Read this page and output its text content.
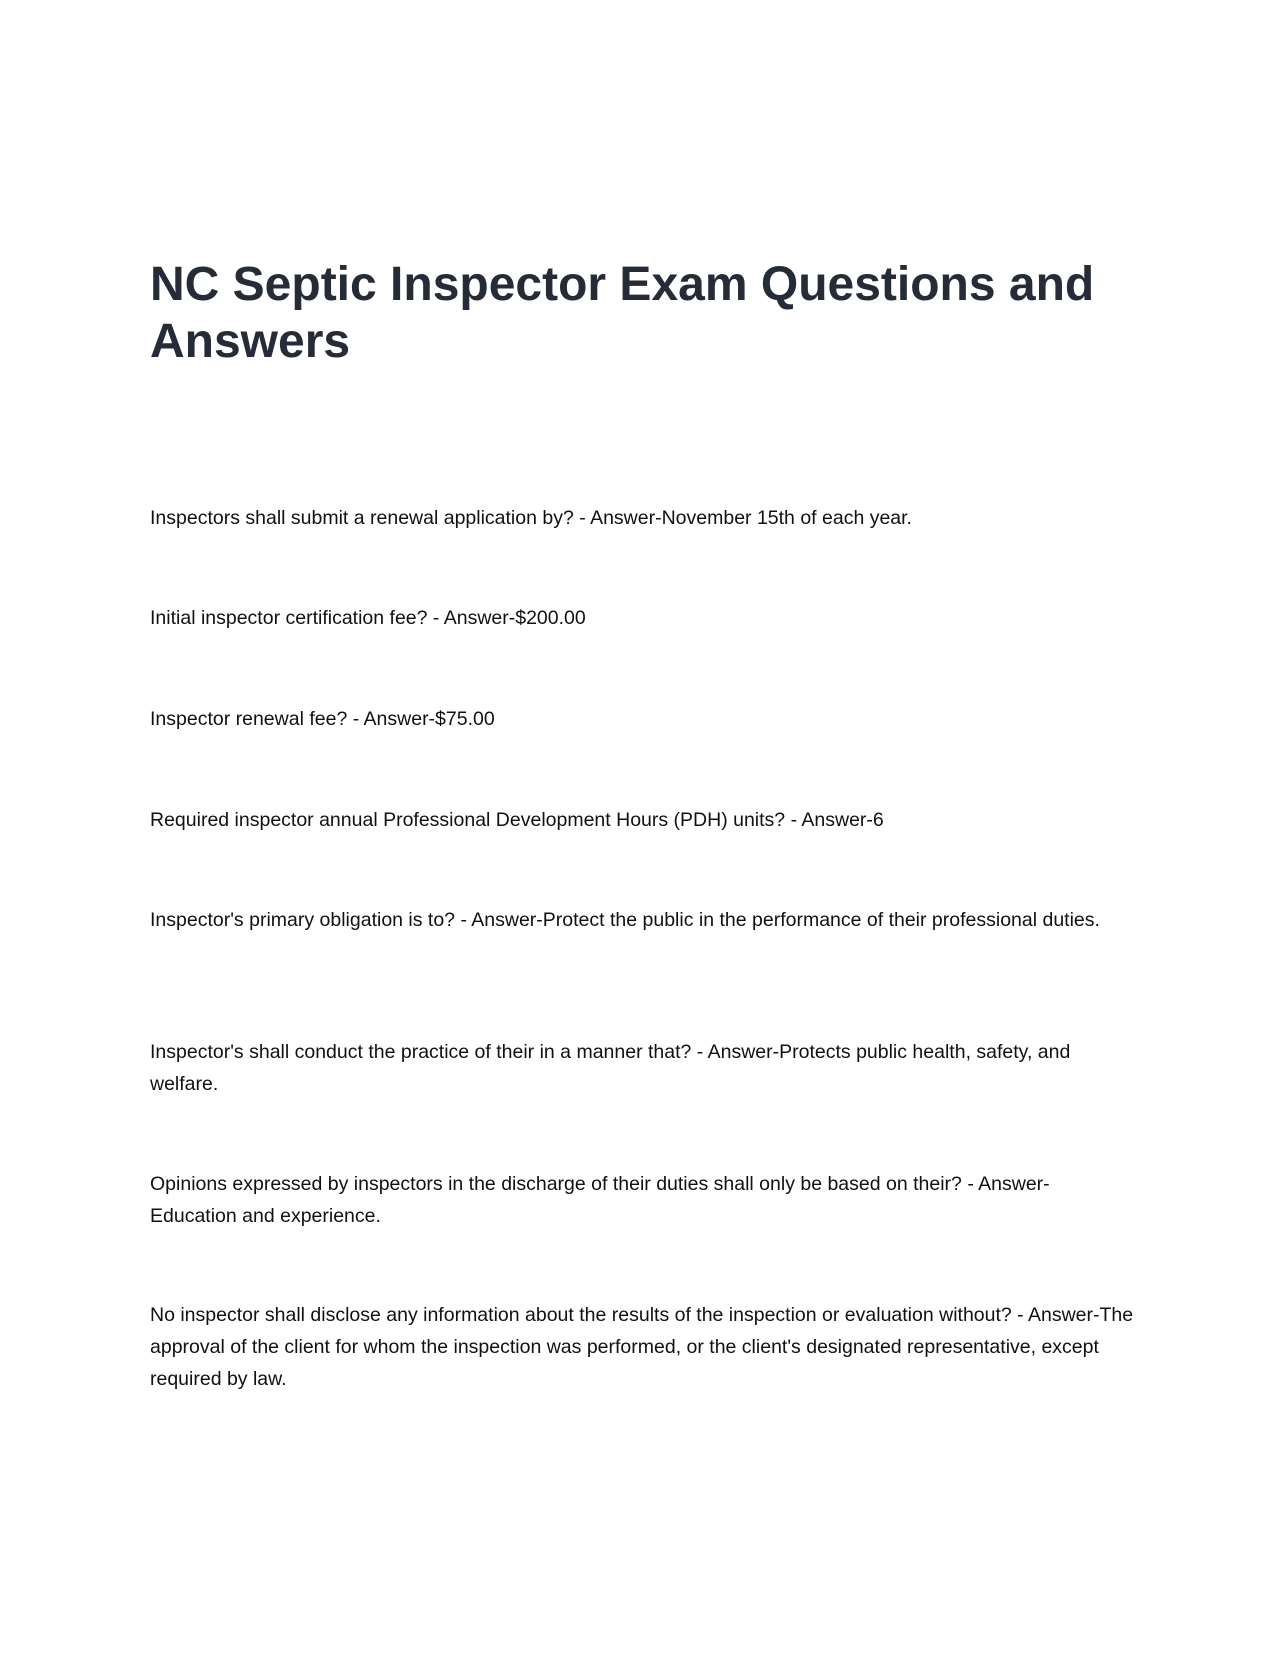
NC Septic Inspector Exam Questions and Answers

Inspectors shall submit a renewal application by? - Answer-November 15th of each year.

Initial inspector certification fee? - Answer-$200.00

Inspector renewal fee? - Answer-$75.00

Required inspector annual Professional Development Hours (PDH) units? - Answer-6

Inspector's primary obligation is to? - Answer-Protect the public in the performance of their professional duties.

Inspector's shall conduct the practice of their in a manner that? - Answer-Protects public health, safety, and welfare.

Opinions expressed by inspectors in the discharge of their duties shall only be based on their? - Answer-Education and experience.

No inspector shall disclose any information about the results of the inspection or evaluation without? - Answer-The approval of the client for whom the inspection was performed, or the client's designated representative, except required by law.
